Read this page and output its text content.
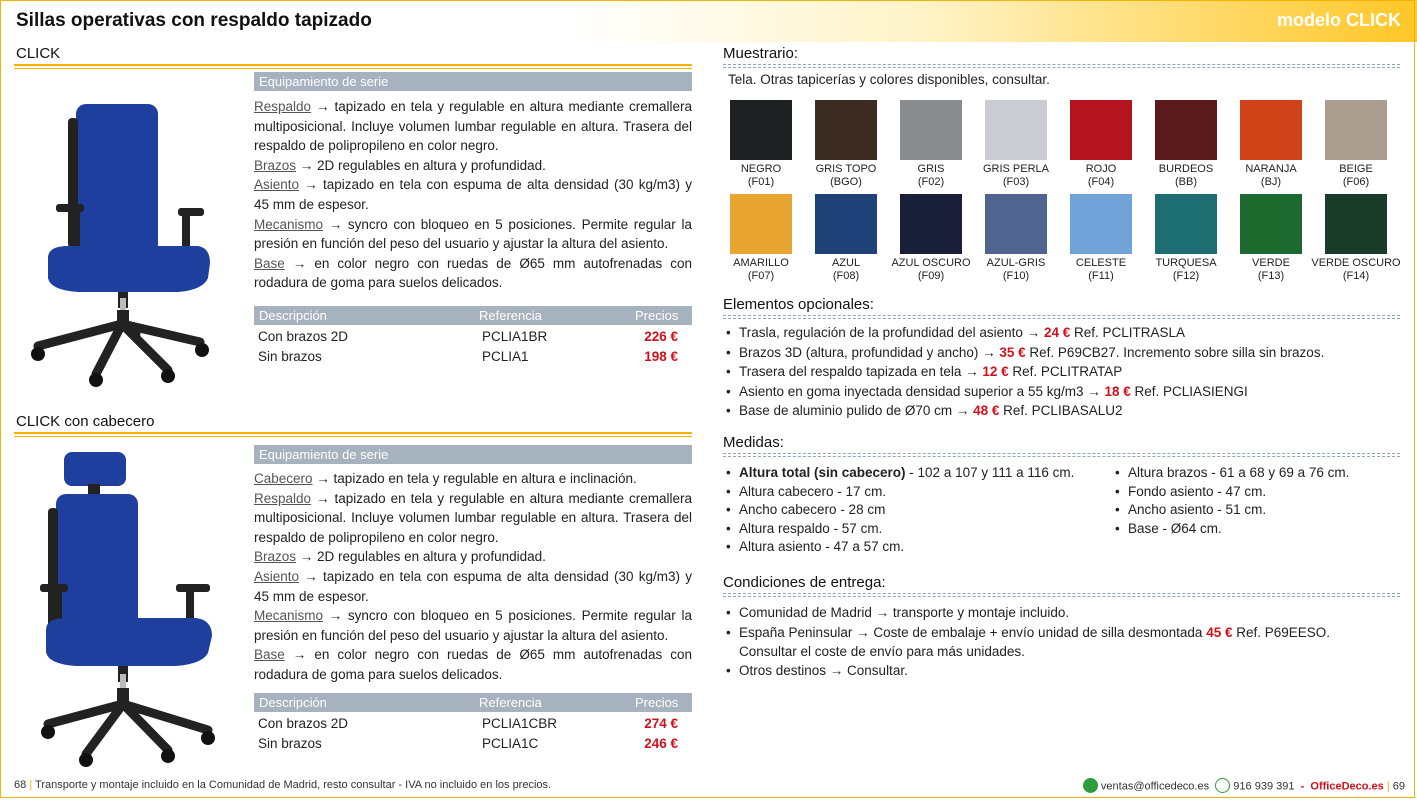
Sillas operativas con respaldo tapizado	modelo CLICK
CLICK
Equipamiento de serie
Respaldo → tapizado en tela y regulable en altura mediante cremallera multiposicional. Incluye volumen lumbar regulable en altura. Trasera del respaldo de polipropileno en color negro.
Brazos → 2D regulables en altura y profundidad.
Asiento → tapizado en tela con espuma de alta densidad (30 kg/m3) y 45 mm de espesor.
Mecanismo → syncro con bloqueo en 5 posiciones. Permite regular la presión en función del peso del usuario y ajustar la altura del asiento.
Base → en color negro con ruedas de Ø65 mm autofrenadas con rodadura de goma para suelos delicados.
Descripción	Referencia	Precios
Con brazos 2D	PCLIA1BR	226 €
Sin brazos	PCLIA1	198 €
CLICK con cabecero
Equipamiento de serie
Cabecero → tapizado en tela y regulable en altura e inclinación.
Respaldo → tapizado en tela y regulable en altura mediante cremallera multiposicional. Incluye volumen lumbar regulable en altura. Trasera del respaldo de polipropileno en color negro.
Brazos → 2D regulables en altura y profundidad.
Asiento → tapizado en tela con espuma de alta densidad (30 kg/m3) y 45 mm de espesor.
Mecanismo → syncro con bloqueo en 5 posiciones. Permite regular la presión en función del peso del usuario y ajustar la altura del asiento.
Base → en color negro con ruedas de Ø65 mm autofrenadas con rodadura de goma para suelos delicados.
Descripción	Referencia	Precios
Con brazos 2D	PCLIA1CBR	274 €
Sin brazos	PCLIA1C	246 €
Muestrario:
Tela. Otras tapicerías y colores disponibles, consultar.
NEGRO
(F01)
GRIS TOPO
(BGO)
GRIS
(F02)
GRIS PERLA
(F03)
ROJO
(F04)
BURDEOS
(BB)
NARANJA
(BJ)
BEIGE
(F06)
AMARILLO
(F07)
AZUL
(F08)
AZUL OSCURO
(F09)
AZUL-GRIS
(F10)
CELESTE
(F11)
TURQUESA
(F12)
VERDE
(F13)
VERDE OSCURO
(F14)
Elementos opcionales:
• Trasla, regulación de la profundidad del asiento → 24 € Ref. PCLITRASLA
• Brazos 3D (altura, profundidad y ancho) → 35 € Ref. P69CB27. Incremento sobre silla sin brazos.
• Trasera del respaldo tapizada en tela → 12 € Ref. PCLITRATAP
• Asiento en goma inyectada densidad superior a 55 kg/m3 → 18 € Ref. PCLIASIENGI
• Base de aluminio pulido de Ø70 cm → 48 € Ref. PCLIBASALU2
Medidas:
• Altura total (sin cabecero) - 102 a 107 y 111 a 116 cm.
• Altura cabecero - 17 cm.
• Ancho cabecero - 28 cm
• Altura respaldo - 57 cm.
• Altura asiento - 47 a 57 cm.
• Altura brazos - 61 a 68 y 69 a 76 cm.
• Fondo asiento - 47 cm.
• Ancho asiento - 51 cm.
• Base - Ø64 cm.
Condiciones de entrega:
• Comunidad de Madrid → transporte y montaje incluido.
• España Peninsular → Coste de embalaje + envío unidad de silla desmontada 45 € Ref. P69EESO.
Consultar el coste de envío para más unidades.
• Otros destinos → Consultar.
68 | Transporte y montaje incluido en la Comunidad de Madrid, resto consultar - IVA no incluido en los precios.	ventas@officedeco.es 916 939 391 - OfficeDeco.es | 69
